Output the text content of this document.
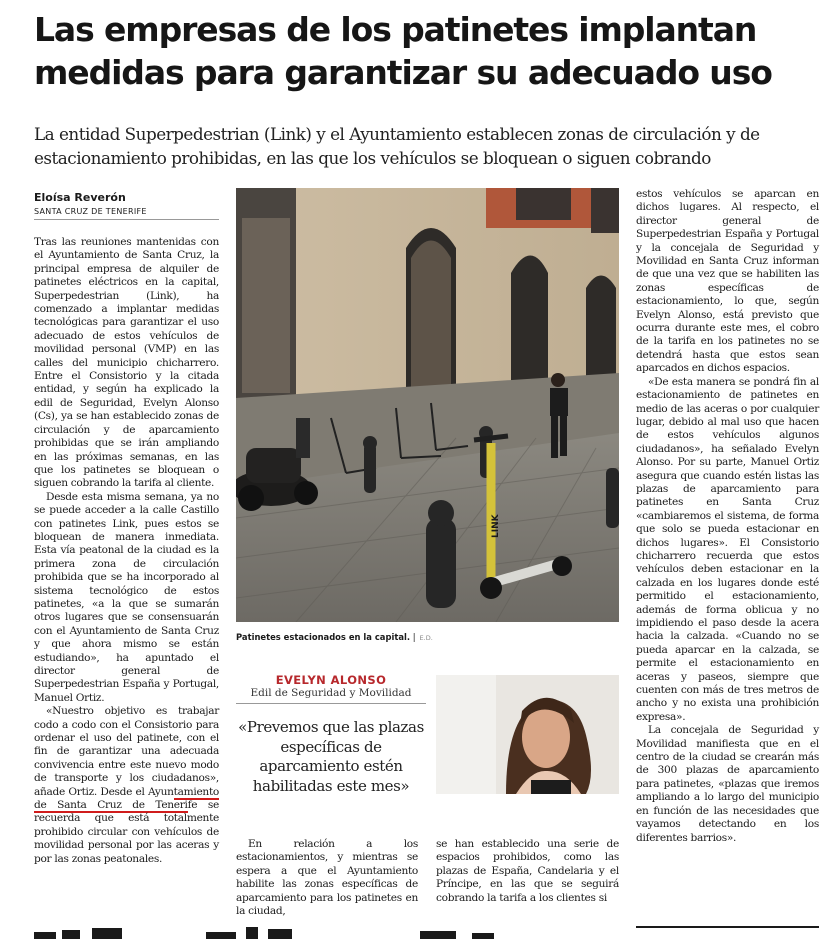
Las empresas de los patinetes implantan medidas para garantizar su adecuado uso
La entidad Superpedestrian (Link) y el Ayuntamiento establecen zonas de circulación y de estacionamiento prohibidas, en las que los vehículos se bloquean o siguen cobrando
Eloísa Reverón
SANTA CRUZ DE TENERIFE

Tras las reuniones mantenidas con el Ayuntamiento de Santa Cruz, la principal empresa de alquiler de patinetes eléctricos en la capital, Superpedestrian (Link), ha comenzado a implantar medidas tecnológicas para garantizar el uso adecuado de estos vehículos de movilidad personal (VMP) en las calles del municipio chicharrero. Entre el Consistorio y la citada entidad, y según ha explicado la edil de Seguridad, Evelyn Alonso (Cs), ya se han establecido zonas de circulación y de aparcamiento prohibidas que se irán ampliando en las próximas semanas, en las que los patinetes se bloquean o siguen cobrando la tarifa al cliente.

Desde esta misma semana, ya no se puede acceder a la calle Castillo con patinetes Link, pues estos se bloquean de manera inmediata. Esta vía peatonal de la ciudad es la primera zona de circulación prohibida que se ha incorporado al sistema tecnológico de estos patinetes, «a la que se sumarán otros lugares que se consensuarán con el Ayuntamiento de Santa Cruz y que ahora mismo se están estudiando», ha apuntado el director general de Superpedestrian España y Portugal, Manuel Ortiz.

«Nuestro objetivo es trabajar codo a codo con el Consistorio para ordenar el uso del patinete, con el fin de garantizar una adecuada convivencia entre este nuevo modo de transporte y los ciudadanos», añade Ortiz. Desde el Ayuntamiento de Santa Cruz de Tenerife se recuerda que está totalmente prohibido circular con vehículos de movilidad personal por las aceras y por las zonas peatonales.

LINK
Patinetes estacionados en la capital. | E.D.
EVELYN ALONSO
Edil de Seguridad y Movilidad
«Prevemos que las plazas específicas de aparcamiento estén habilitadas este mes»

En relación a los estacionamientos, y mientras se espera a que el Ayuntamiento habilite las zonas específicas de aparcamiento para los patinetes en la ciudad,

se han establecido una serie de espacios prohibidos, como las plazas de España, Candelaria y el Príncipe, en las que se seguirá cobrando la tarifa a los clientes si

estos vehículos se aparcan en dichos lugares. Al respecto, el director general de Superpedestrian España y Portugal y la concejala de Seguridad y Movilidad en Santa Cruz informan de que una vez que se habiliten las zonas específicas de estacionamiento, lo que, según Evelyn Alonso, está previsto que ocurra durante este mes, el cobro de la tarifa en los patinetes no se detendrá hasta que estos sean aparcados en dichos espacios.

«De esta manera se pondrá fin al estacionamiento de patinetes en medio de las aceras o por cualquier lugar, debido al mal uso que hacen de estos vehículos algunos ciudadanos», ha señalado Evelyn Alonso. Por su parte, Manuel Ortiz asegura que cuando estén listas las plazas de aparcamiento para patinetes en Santa Cruz «cambiaremos el sistema, de forma que solo se pueda estacionar en dichos lugares». El Consistorio chicharrero recuerda que estos vehículos deben estacionar en la calzada en los lugares donde esté permitido el estacionamiento, además de forma oblicua y no impidiendo el paso desde la acera hacia la calzada. «Cuando no se pueda aparcar en la calzada, se permite el estacionamiento en aceras y paseos, siempre que cuenten con más de tres metros de ancho y no exista una prohibición expresa».

La concejala de Seguridad y Movilidad manifiesta que en el centro de la ciudad se crearán más de 300 plazas de aparcamiento para patinetes, «plazas que iremos ampliando a lo largo del municipio en función de las necesidades que vayamos detectando en los diferentes barrios».
